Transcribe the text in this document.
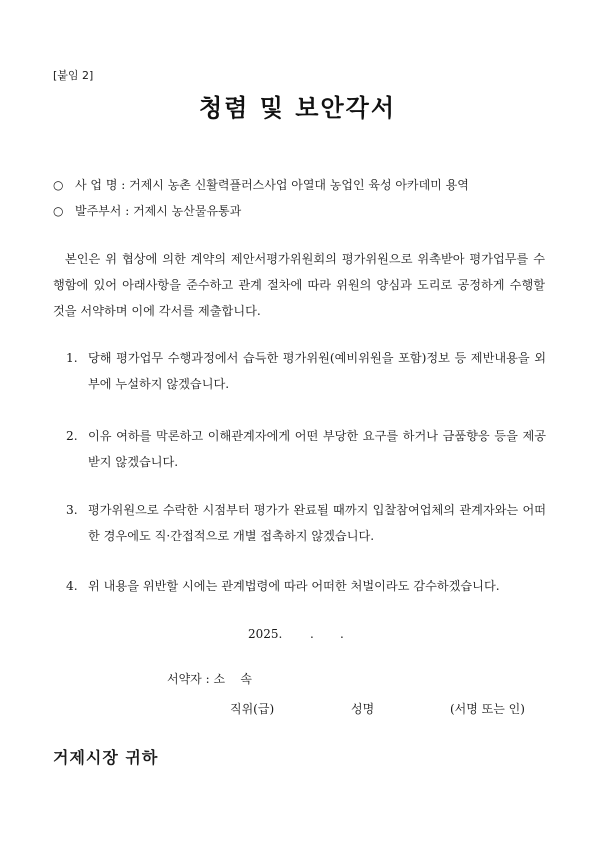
[붙임 2]
청렴 및 보안각서
○ 사 업 명 : 거제시 농촌 신활력플러스사업 아열대 농업인 육성 아카데미 용역
○ 발주부서 : 거제시 농산물유통과
본인은 위 협상에 의한 계약의 제안서평가위원회의 평가위원으로 위촉받아 평가업무를 수행함에 있어 아래사항을 준수하고 관계 절차에 따라 위원의 양심과 도리로 공정하게 수행할 것을 서약하며 이에 각서를 제출합니다.
1. 당해 평가업무 수행과정에서 습득한 평가위원(예비위원을 포함)정보 등 제반내용을 외부에 누설하지 않겠습니다.
2. 이유 여하를 막론하고 이해관계자에게 어떤 부당한 요구를 하거나 금품향응 등을 제공받지 않겠습니다.
3. 평가위원으로 수락한 시점부터 평가가 완료될 때까지 입찰참여업체의 관계자와는 어떠한 경우에도 직·간접적으로 개별 접촉하지 않겠습니다.
4. 위 내용을 위반할 시에는 관계법령에 따라 어떠한 처벌이라도 감수하겠습니다.
2025. . .
서약자 : 소    속
직위(급)	성명	(서명 또는 인)
거제시장 귀하
